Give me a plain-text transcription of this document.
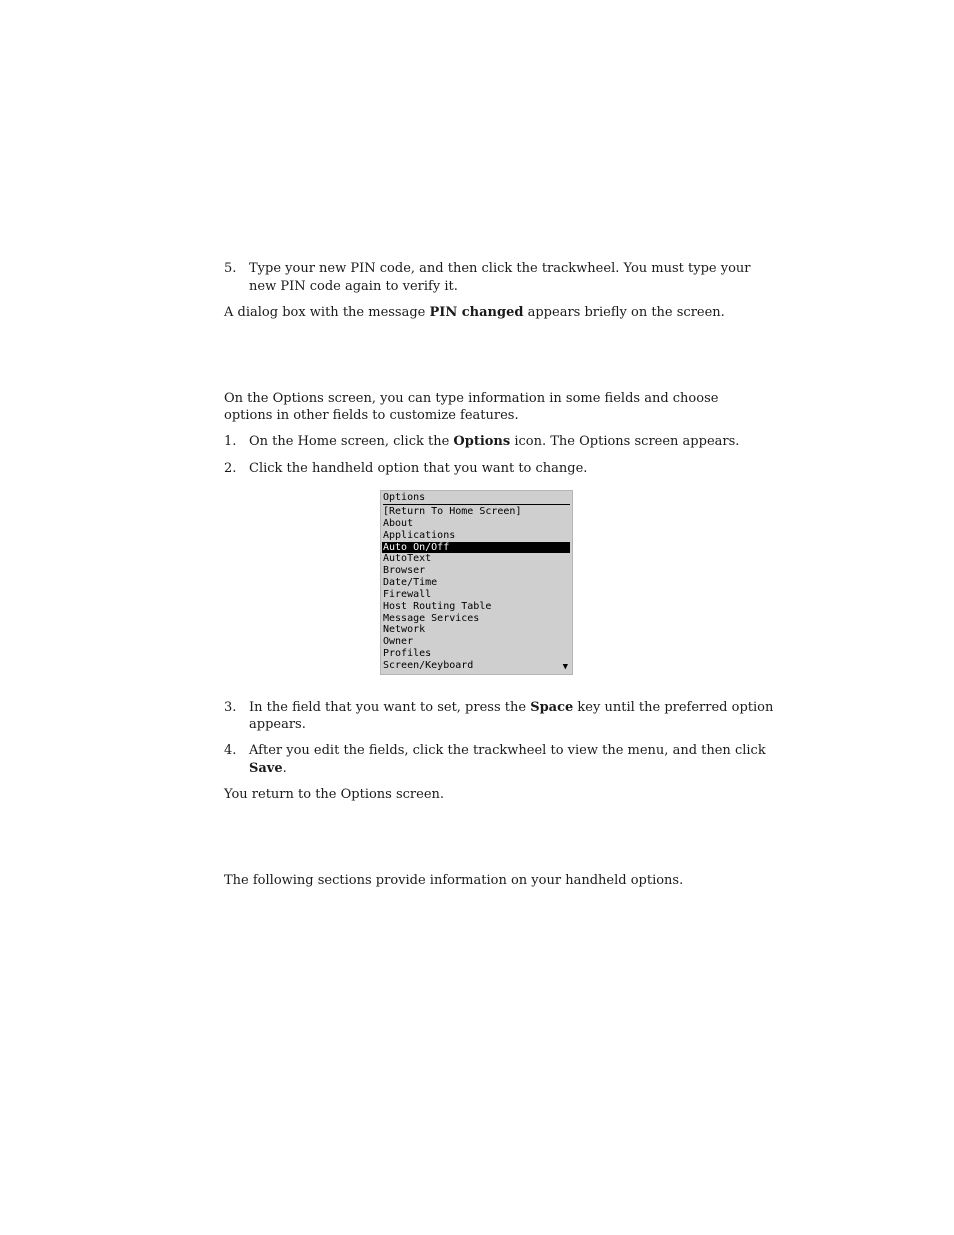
5. Type your new PIN code, and then click the trackwheel. You must type your
new PIN code again to verify it.
A dialog box with the message PIN changed appears briefly on the screen.
On the Options screen, you can type information in some fields and choose
options in other fields to customize features.
1. On the Home screen, click the Options icon. The Options screen appears.
2. Click the handheld option that you want to change.
Options
[Return To Home Screen]
About
Applications
Auto On/Off
AutoText
Browser
Date/Time
Firewall
Host Routing Table
Message Services
Network
Owner
Profiles
Screen/Keyboard	▼
3. In the field that you want to set, press the Space key until the preferred option
appears.
4. After you edit the fields, click the trackwheel to view the menu, and then click
Save.
You return to the Options screen.
The following sections provide information on your handheld options.
